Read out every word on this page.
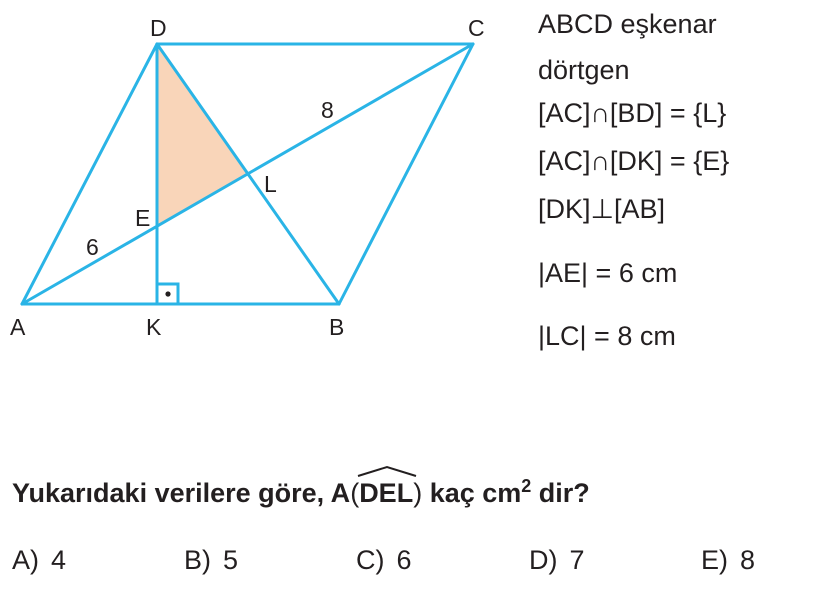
D	C
A	K	B
E
L
6
8
ABCD eşkenar
dörtgen
[AC]∩[BD] = {L}
[AC]∩[DK] = {E}
[DK]⊥[AB]
|AE| = 6 cm
|LC| = 8 cm
Yukarıdaki verilere göre, A(
DEL) kaç $cm^2$ dir?
A) 4	B) 5	C) 6	D) 7	E) 8
